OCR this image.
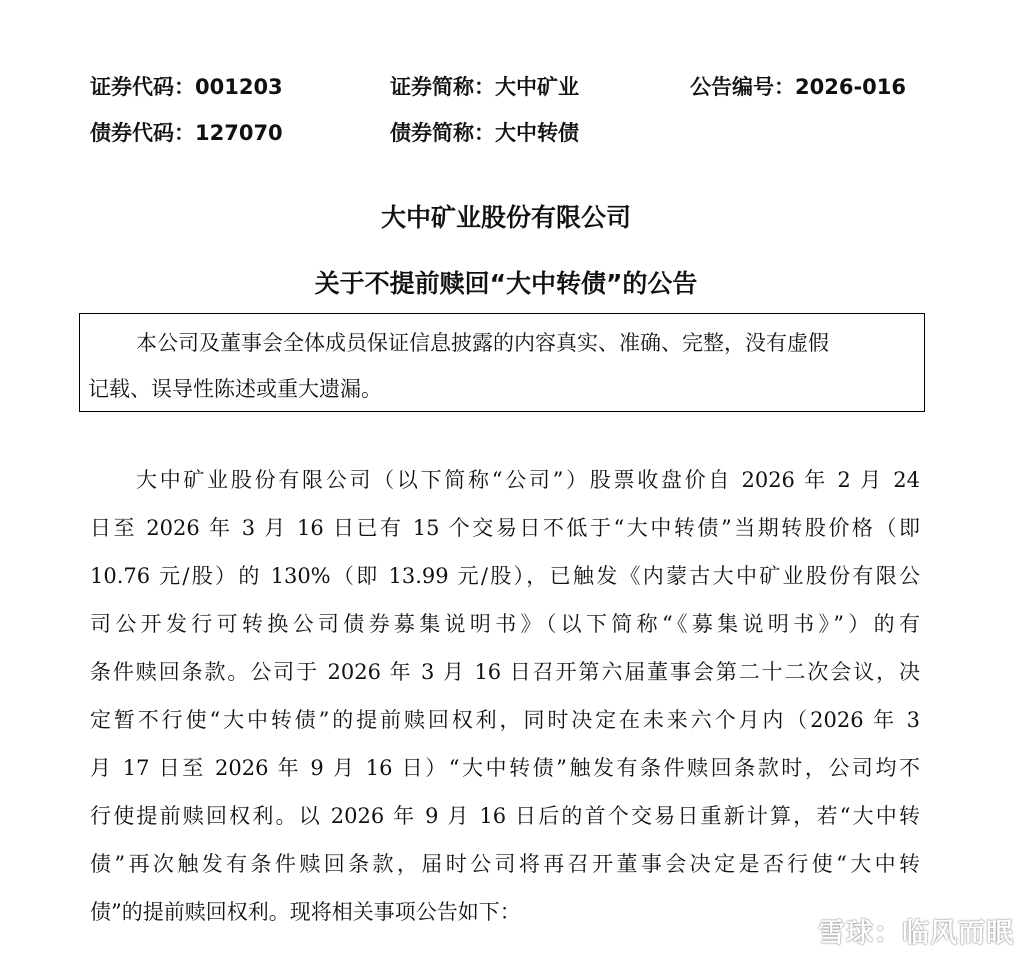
证券代码：001203	证券简称：大中矿业	公告编号：2026-016
债券代码：127070	债券简称：大中转债
大中矿业股份有限公司
关于不提前赎回“大中转债”的公告
本公司及董事会全体成员保证信息披露的内容真实、准确、完整，没有虚假
记载、误导性陈述或重大遗漏。
大中矿业股份有限公司（以下简称“公司”）股票收盘价自 2026 年 2 月 24
日至 2026 年 3 月 16 日已有 15 个交易日不低于“大中转债”当期转股价格（即
10.76 元/股）的 130%（即 13.99 元/股），已触发《内蒙古大中矿业股份有限公
司公开发行可转换公司债券募集说明书》（以下简称“《募集说明书》”）的有
条件赎回条款。公司于 2026 年 3 月 16 日召开第六届董事会第二十二次会议，决
定暂不行使“大中转债”的提前赎回权利，同时决定在未来六个月内（2026 年 3
月 17 日至 2026 年 9 月 16 日）“大中转债”触发有条件赎回条款时，公司均不
行使提前赎回权利。以 2026 年 9 月 16 日后的首个交易日重新计算，若“大中转
债”再次触发有条件赎回条款，届时公司将再召开董事会决定是否行使“大中转
债”的提前赎回权利。现将相关事项公告如下：
雪球：临风而眠
